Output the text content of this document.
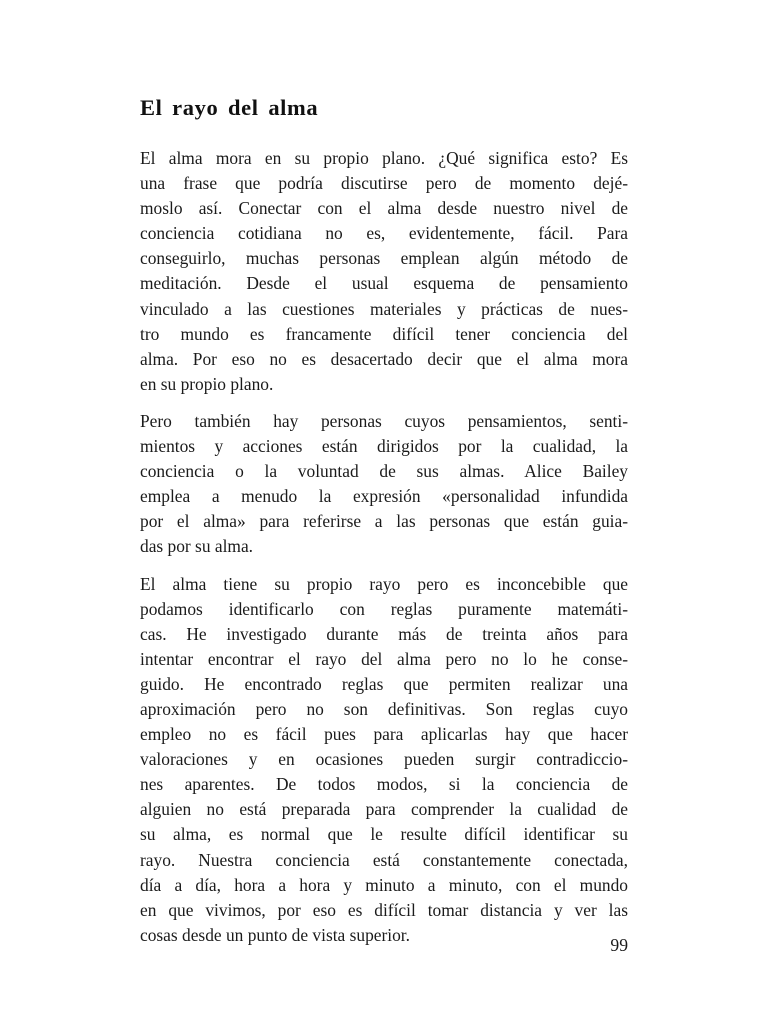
El rayo del alma
El alma mora en su propio plano. ¿Qué significa esto? Es
una frase que podría discutirse pero de momento dejé-
moslo así. Conectar con el alma desde nuestro nivel de
conciencia cotidiana no es, evidentemente, fácil. Para
conseguirlo, muchas personas emplean algún método de
meditación. Desde el usual esquema de pensamiento
vinculado a las cuestiones materiales y prácticas de nues-
tro mundo es francamente difícil tener conciencia del
alma. Por eso no es desacertado decir que el alma mora
en su propio plano.
Pero también hay personas cuyos pensamientos, senti-
mientos y acciones están dirigidos por la cualidad, la
conciencia o la voluntad de sus almas. Alice Bailey
emplea a menudo la expresión «personalidad infundida
por el alma» para referirse a las personas que están guia-
das por su alma.
El alma tiene su propio rayo pero es inconcebible que
podamos identificarlo con reglas puramente matemáti-
cas. He investigado durante más de treinta años para
intentar encontrar el rayo del alma pero no lo he conse-
guido. He encontrado reglas que permiten realizar una
aproximación pero no son definitivas. Son reglas cuyo
empleo no es fácil pues para aplicarlas hay que hacer
valoraciones y en ocasiones pueden surgir contradiccio-
nes aparentes. De todos modos, si la conciencia de
alguien no está preparada para comprender la cualidad de
su alma, es normal que le resulte difícil identificar su
rayo. Nuestra conciencia está constantemente conectada,
día a día, hora a hora y minuto a minuto, con el mundo
en que vivimos, por eso es difícil tomar distancia y ver las
cosas desde un punto de vista superior.
99
